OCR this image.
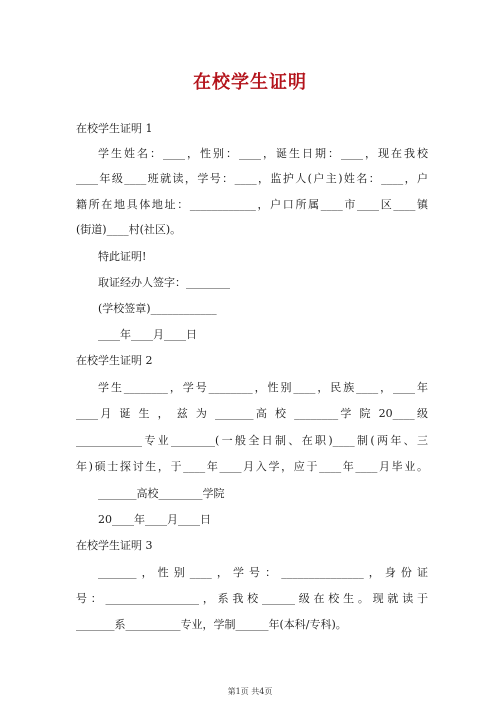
在校学生证明
在校学生证明 1
学生姓名：____，性别：____，诞生日期：____，现在我校
____年级____班就读，学号：____，监护人(户主)姓名：____，户
籍所在地具体地址：____________，户口所属____市____区____镇
(街道)____村(社区)。
特此证明!
取证经办人签字：________
(学校签章)____________
____年____月____日
在校学生证明 2
学生________，学号________，性别____，民族____，____年
____月 诞 生 ， 兹 为 _______高 校 ________学 院 20____级
____________专业________(一般全日制、在职)____制(两年、三
年)硕士探讨生，于____年____月入学，应于____年____月毕业。
_______高校________学院
20____年____月____日
在校学生证明 3
_______，性别____，学号：_______________，身份证
号：_________________，系我校______级在校生。现就读于
_______系__________专业，学制______年(本科/专科)。
第1页 共4页
